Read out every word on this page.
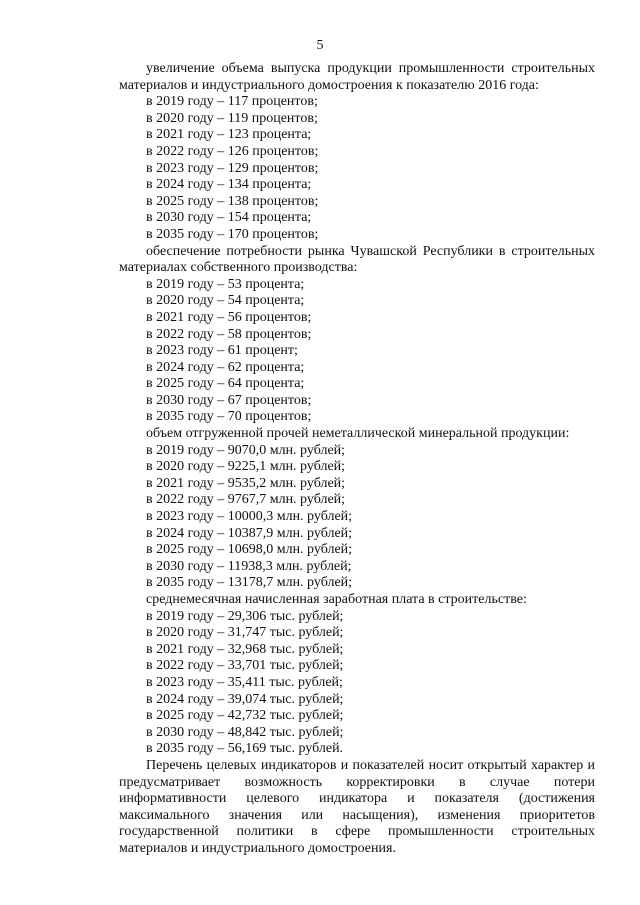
5

увеличение объема выпуска продукции промышленности строительных материалов и индустриального домостроения к показателю 2016 года:

в 2019 году – 117 процентов;
в 2020 году – 119 процентов;
в 2021 году – 123 процента;
в 2022 году – 126 процентов;
в 2023 году – 129 процентов;
в 2024 году – 134 процента;
в 2025 году – 138 процентов;
в 2030 году – 154 процента;
в 2035 году – 170 процентов;

обеспечение потребности рынка Чувашской Республики в строительных материалах собственного производства:

в 2019 году – 53 процента;
в 2020 году – 54 процента;
в 2021 году – 56 процентов;
в 2022 году – 58 процентов;
в 2023 году – 61 процент;
в 2024 году – 62 процента;
в 2025 году – 64 процента;
в 2030 году – 67 процентов;
в 2035 году – 70 процентов;

объем отгруженной прочей неметаллической минеральной продукции:

в 2019 году – 9070,0 млн. рублей;
в 2020 году – 9225,1 млн. рублей;
в 2021 году – 9535,2 млн. рублей;
в 2022 году – 9767,7 млн. рублей;
в 2023 году – 10000,3 млн. рублей;
в 2024 году – 10387,9 млн. рублей;
в 2025 году – 10698,0 млн. рублей;
в 2030 году – 11938,3 млн. рублей;
в 2035 году – 13178,7 млн. рублей;

среднемесячная начисленная заработная плата в строительстве:

в 2019 году – 29,306 тыс. рублей;
в 2020 году – 31,747 тыс. рублей;
в 2021 году – 32,968 тыс. рублей;
в 2022 году – 33,701 тыс. рублей;
в 2023 году – 35,411 тыс. рублей;
в 2024 году – 39,074 тыс. рублей;
в 2025 году – 42,732 тыс. рублей;
в 2030 году – 48,842 тыс. рублей;
в 2035 году – 56,169 тыс. рублей.

Перечень целевых индикаторов и показателей носит открытый характер и предусматривает возможность корректировки в случае потери информативности целевого индикатора и показателя (достижения максимального значения или насыщения), изменения приоритетов государственной политики в сфере промышленности строительных материалов и индустриального домостроения.
